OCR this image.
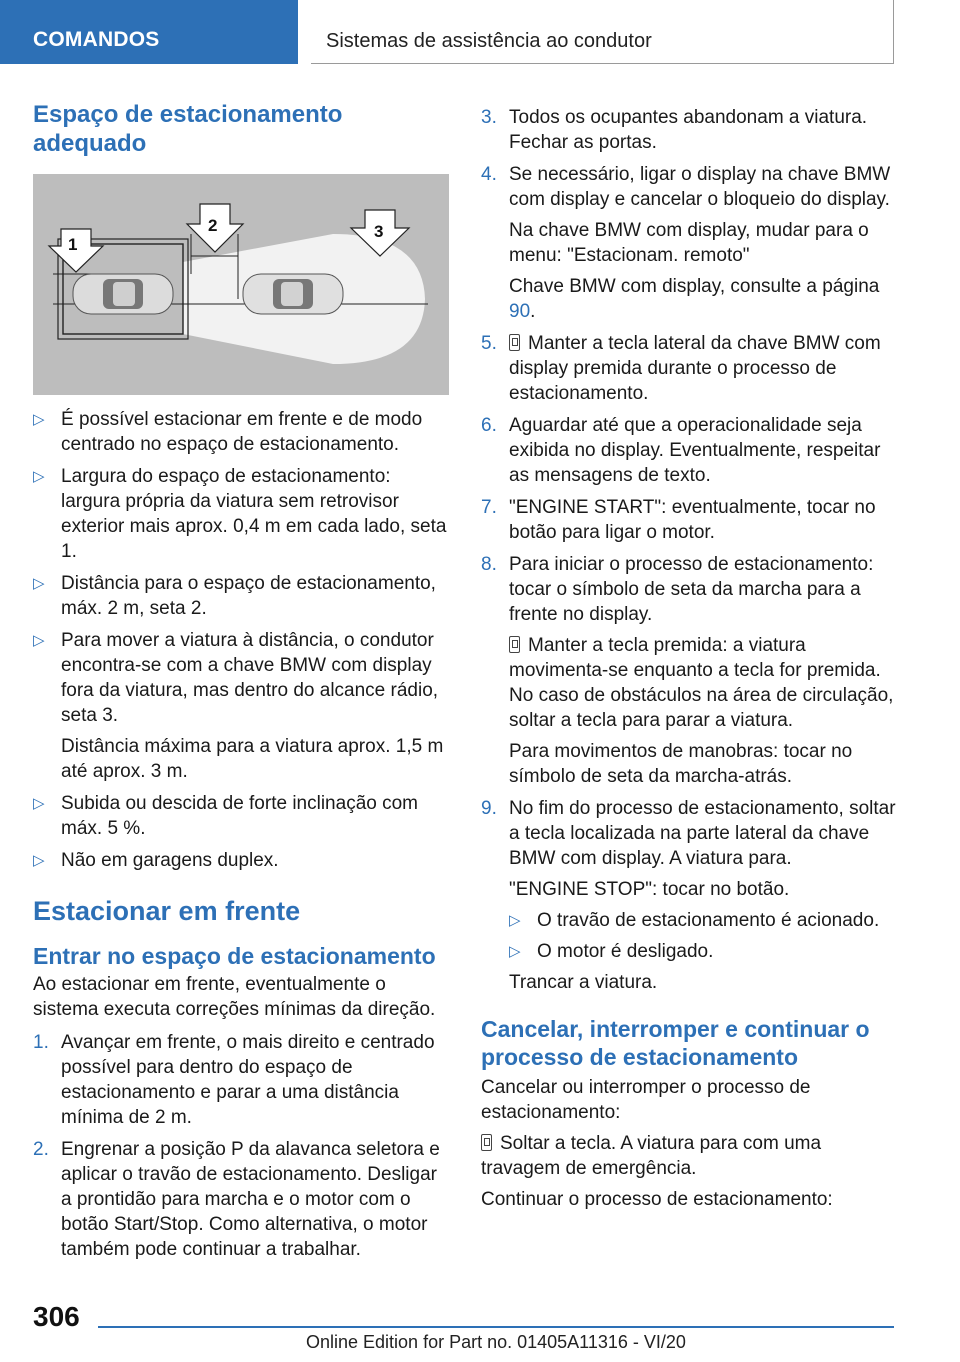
COMANDOS	Sistemas de assistência ao condutor
Espaço de estacionamento adequado
1
2	3
▷ É possível estacionar em frente e de modo centrado no espaço de estacionamento.

▷ Largura do espaço de estacionamento: largura própria da viatura sem retrovisor exterior mais aprox. 0,4 m em cada lado, seta 1.

▷ Distância para o espaço de estacionamento, máx. 2 m, seta 2.

▷ Para mover a viatura à distância, o condutor encontra-se com a chave BMW com display fora da viatura, mas dentro do alcance rádio, seta 3.

Distância máxima para a viatura aprox. 1,5 m até aprox. 3 m.

▷ Subida ou descida de forte inclinação com máx. 5 %.

▷ Não em garagens duplex.

Estacionar em frente
Entrar no espaço de estacionamento

Ao estacionar em frente, eventualmente o sistema executa correções mínimas da direção.

1. Avançar em frente, o mais direito e centrado possível para dentro do espaço de estacionamento e parar a uma distância mínima de 2 m.

2. Engrenar a posição P da alavanca seletora e aplicar o travão de estacionamento. Desligar a prontidão para marcha e o motor com o botão Start/Stop. Como alternativa, o motor também pode continuar a trabalhar.

3. Todos os ocupantes abandonam a viatura. Fechar as portas.

4. Se necessário, ligar o display na chave BMW com display e cancelar o bloqueio do display.

Na chave BMW com display, mudar para o menu: "Estacionam. remoto"

Chave BMW com display, consulte a página 90.

5.	Manter a tecla lateral da chave BMW com display premida durante o processo de estacionamento.

6. Aguardar até que a operacionalidade seja exibida no display. Eventualmente, respeitar as mensagens de texto.

7. "ENGINE START": eventualmente, tocar no botão para ligar o motor.

8. Para iniciar o processo de estacionamento: tocar o símbolo de seta da marcha para a frente no display.

Manter a tecla premida: a viatura movimenta-se enquanto a tecla for premida. No caso de obstáculos na área de circulação, soltar a tecla para parar a viatura.

Para movimentos de manobras: tocar no símbolo de seta da marcha-atrás.

9. No fim do processo de estacionamento, soltar a tecla localizada na parte lateral da chave BMW com display. A viatura para.

"ENGINE STOP": tocar no botão.

▷ O travão de estacionamento é acionado.

▷ O motor é desligado.

Trancar a viatura.

Cancelar, interromper e continuar o processo de estacionamento

Cancelar ou interromper o processo de estacionamento:

Soltar a tecla. A viatura para com uma travagem de emergência.

Continuar o processo de estacionamento:

306
Online Edition for Part no. 01405A11316 - VI/20
